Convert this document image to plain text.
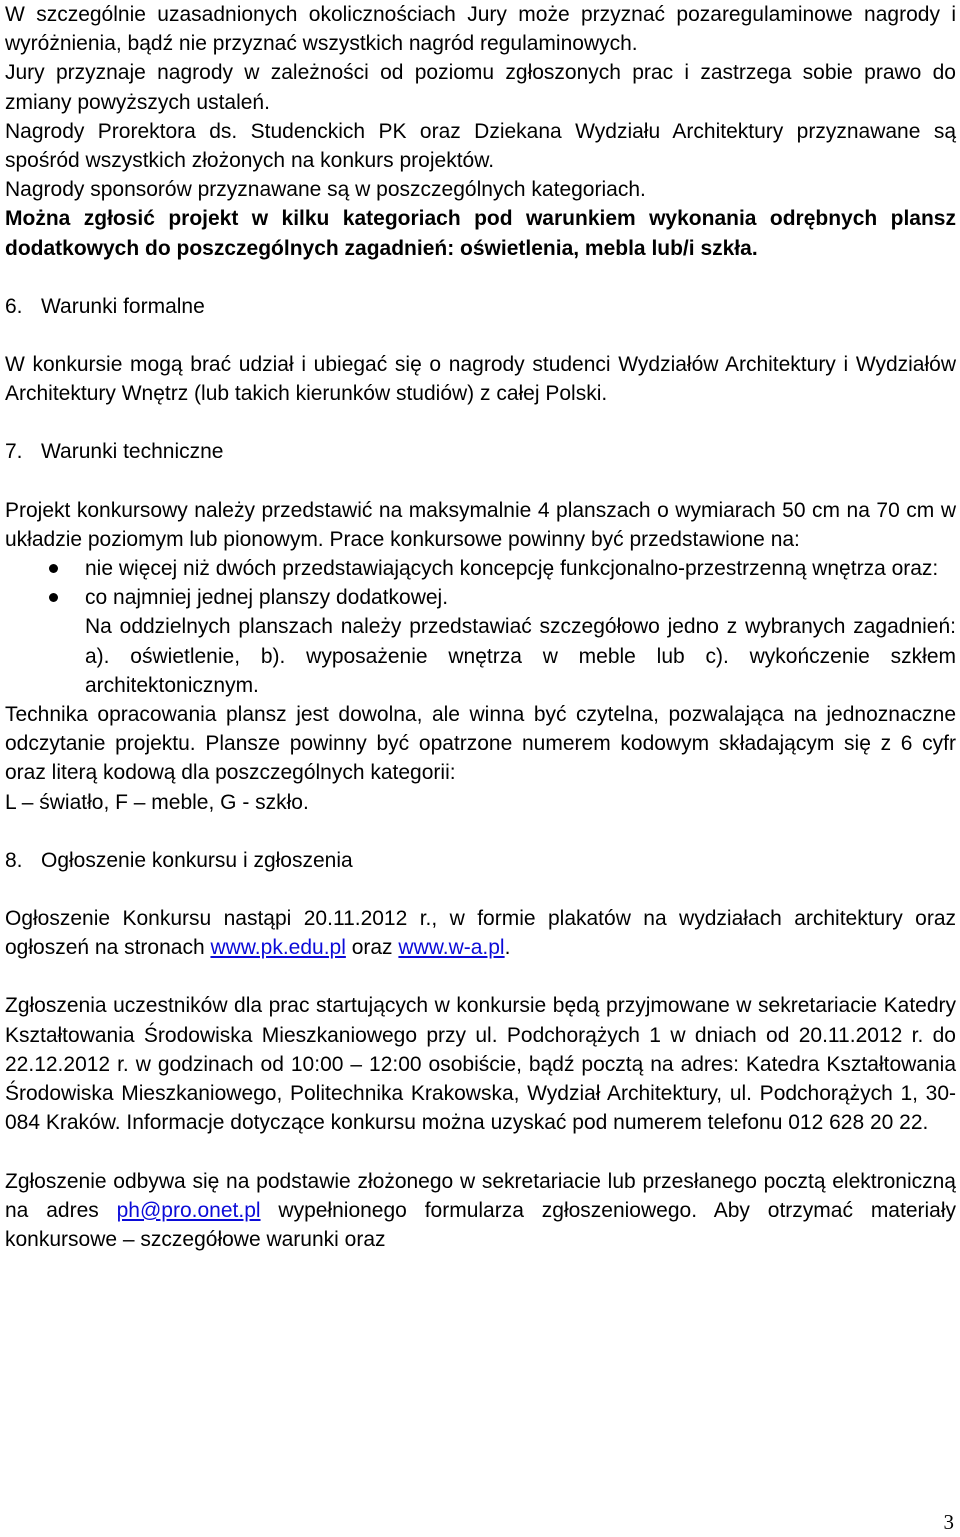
W szczególnie uzasadnionych okolicznościach Jury może przyznać pozaregulaminowe nagrody i wyróżnienia, bądź nie przyznać wszystkich nagród regulaminowych.

Jury przyznaje nagrody w zależności od poziomu zgłoszonych prac i zastrzega sobie prawo do zmiany powyższych ustaleń.

Nagrody Prorektora ds. Studenckich PK oraz Dziekana Wydziału Architektury przyznawane są spośród wszystkich złożonych na konkurs projektów.

Nagrody sponsorów przyznawane są w poszczególnych kategoriach.

Można zgłosić projekt w kilku kategoriach pod warunkiem wykonania odrębnych plansz dodatkowych do poszczególnych zagadnień: oświetlenia, mebla lub/i szkła.

6. Warunki formalne

W konkursie mogą brać udział i ubiegać się o nagrody studenci Wydziałów Architektury i Wydziałów Architektury Wnętrz (lub takich kierunków studiów) z całej Polski.

7. Warunki techniczne

Projekt konkursowy należy przedstawić na maksymalnie 4 planszach o wymiarach 50 cm na 70 cm w układzie poziomym lub pionowym. Prace konkursowe powinny być przedstawione na:

nie więcej niż dwóch przedstawiających koncepcję funkcjonalno-przestrzenną wnętrza oraz:
co najmniej jednej planszy dodatkowej.

Na oddzielnych planszach należy przedstawiać szczegółowo jedno z wybranych zagadnień: a). oświetlenie, b). wyposażenie wnętrza w meble lub c). wykończenie szkłem architektonicznym.

Technika opracowania plansz jest dowolna, ale winna być czytelna, pozwalająca na jednoznaczne odczytanie projektu. Plansze powinny być opatrzone numerem kodowym składającym się z 6 cyfr oraz literą kodową dla poszczególnych kategorii:

L – światło, F – meble, G - szkło.

8. Ogłoszenie konkursu i zgłoszenia

Ogłoszenie Konkursu nastąpi 20.11.2012 r., w formie plakatów na wydziałach architektury oraz ogłoszeń na stronach www.pk.edu.pl oraz www.w-a.pl.

Zgłoszenia uczestników dla prac startujących w konkursie będą przyjmowane w sekretariacie Katedry Kształtowania Środowiska Mieszkaniowego przy ul. Podchorążych 1 w dniach od 20.11.2012 r. do 22.12.2012 r. w godzinach od 10:00 – 12:00 osobiście, bądź pocztą na adres: Katedra Kształtowania Środowiska Mieszkaniowego, Politechnika Krakowska, Wydział Architektury, ul. Podchorążych 1, 30-084 Kraków. Informacje dotyczące konkursu można uzyskać pod numerem telefonu 012 628 20 22.

Zgłoszenie odbywa się na podstawie złożonego w sekretariacie lub przesłanego pocztą elektroniczną na adres ph@pro.onet.pl wypełnionego formularza zgłoszeniowego. Aby otrzymać materiały konkursowe – szczegółowe warunki oraz

3
